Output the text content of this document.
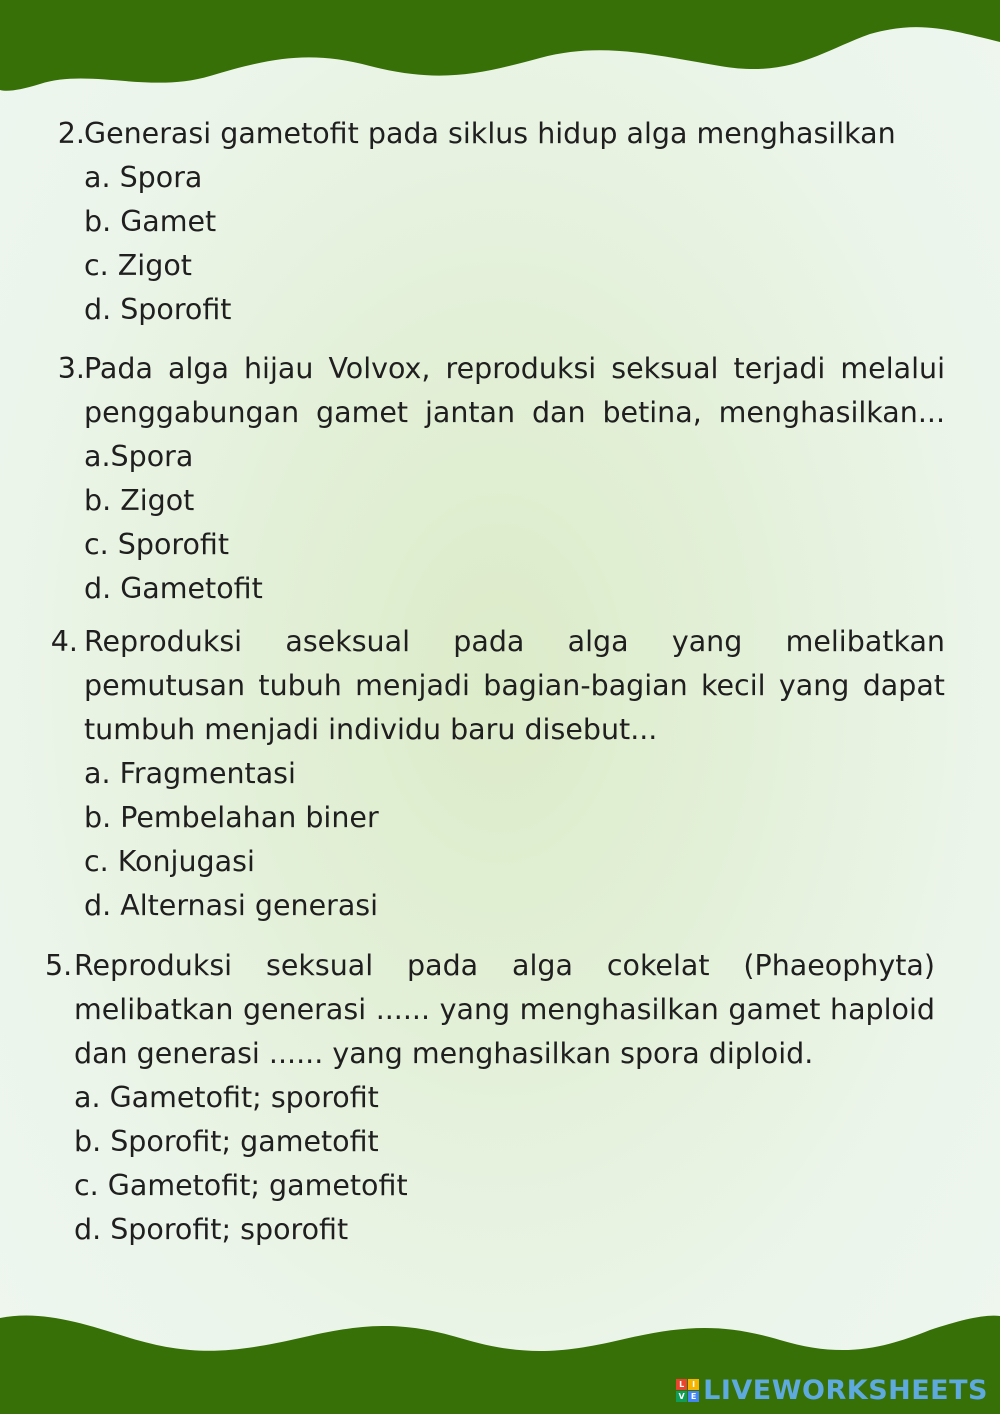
2. Generasi gametofit pada siklus hidup alga menghasilkan
a. Spora
b. Gamet
c. Zigot
d. Sporofit
3. Pada alga hijau Volvox, reproduksi seksual terjadi melalui
penggabungan gamet jantan dan betina, menghasilkan...
a.Spora
b. Zigot
c. Sporofit
d. Gametofit
4. Reproduksi aseksual pada alga yang melibatkan
pemutusan tubuh menjadi bagian-bagian kecil yang dapat
tumbuh menjadi individu baru disebut...
a. Fragmentasi
b. Pembelahan biner
c. Konjugasi
d. Alternasi generasi
5. Reproduksi seksual pada alga cokelat (Phaeophyta)
melibatkan generasi ...... yang menghasilkan gamet haploid
dan generasi ...... yang menghasilkan spora diploid.
a. Gametofit; sporofit
b. Sporofit; gametofit
c. Gametofit; gametofit
d. Sporofit; sporofit
L I
V E LIVEWORKSHEETS
